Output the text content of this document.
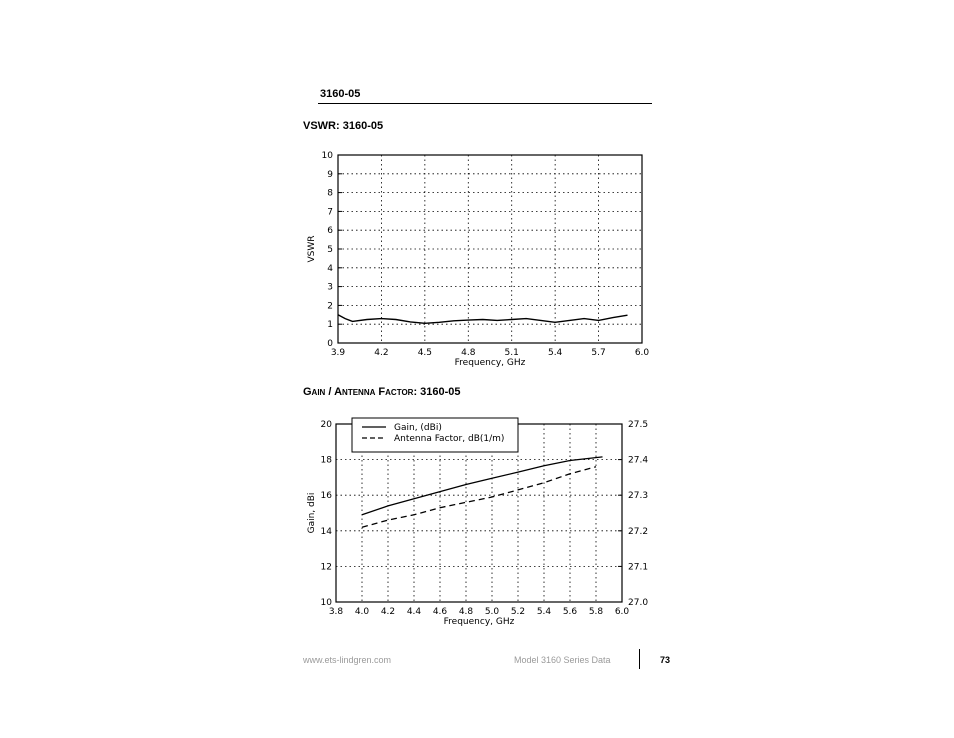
3160-05
VSWR: 3160-05
3.9	4.2	4.5	4.8	5.1	5.4	5.7	6.0
0
1
2
3
4
5
6
7
8
9
10
Frequency, GHz
VSWR
Gain / Antenna Factor: 3160-05
3.8 4.0 4.2 4.4 4.6 4.8 5.0 5.2 5.4 5.6 5.8 6.0
10
12
14
16
18
20
27.0
27.1
27.2
27.3
27.4
27.5
Gain, (dBi)
Antenna Factor, dB(1/m)
Frequency, GHz
Gain, dBi
www.ets-lindgren.com	Model 3160 Series Data	73
